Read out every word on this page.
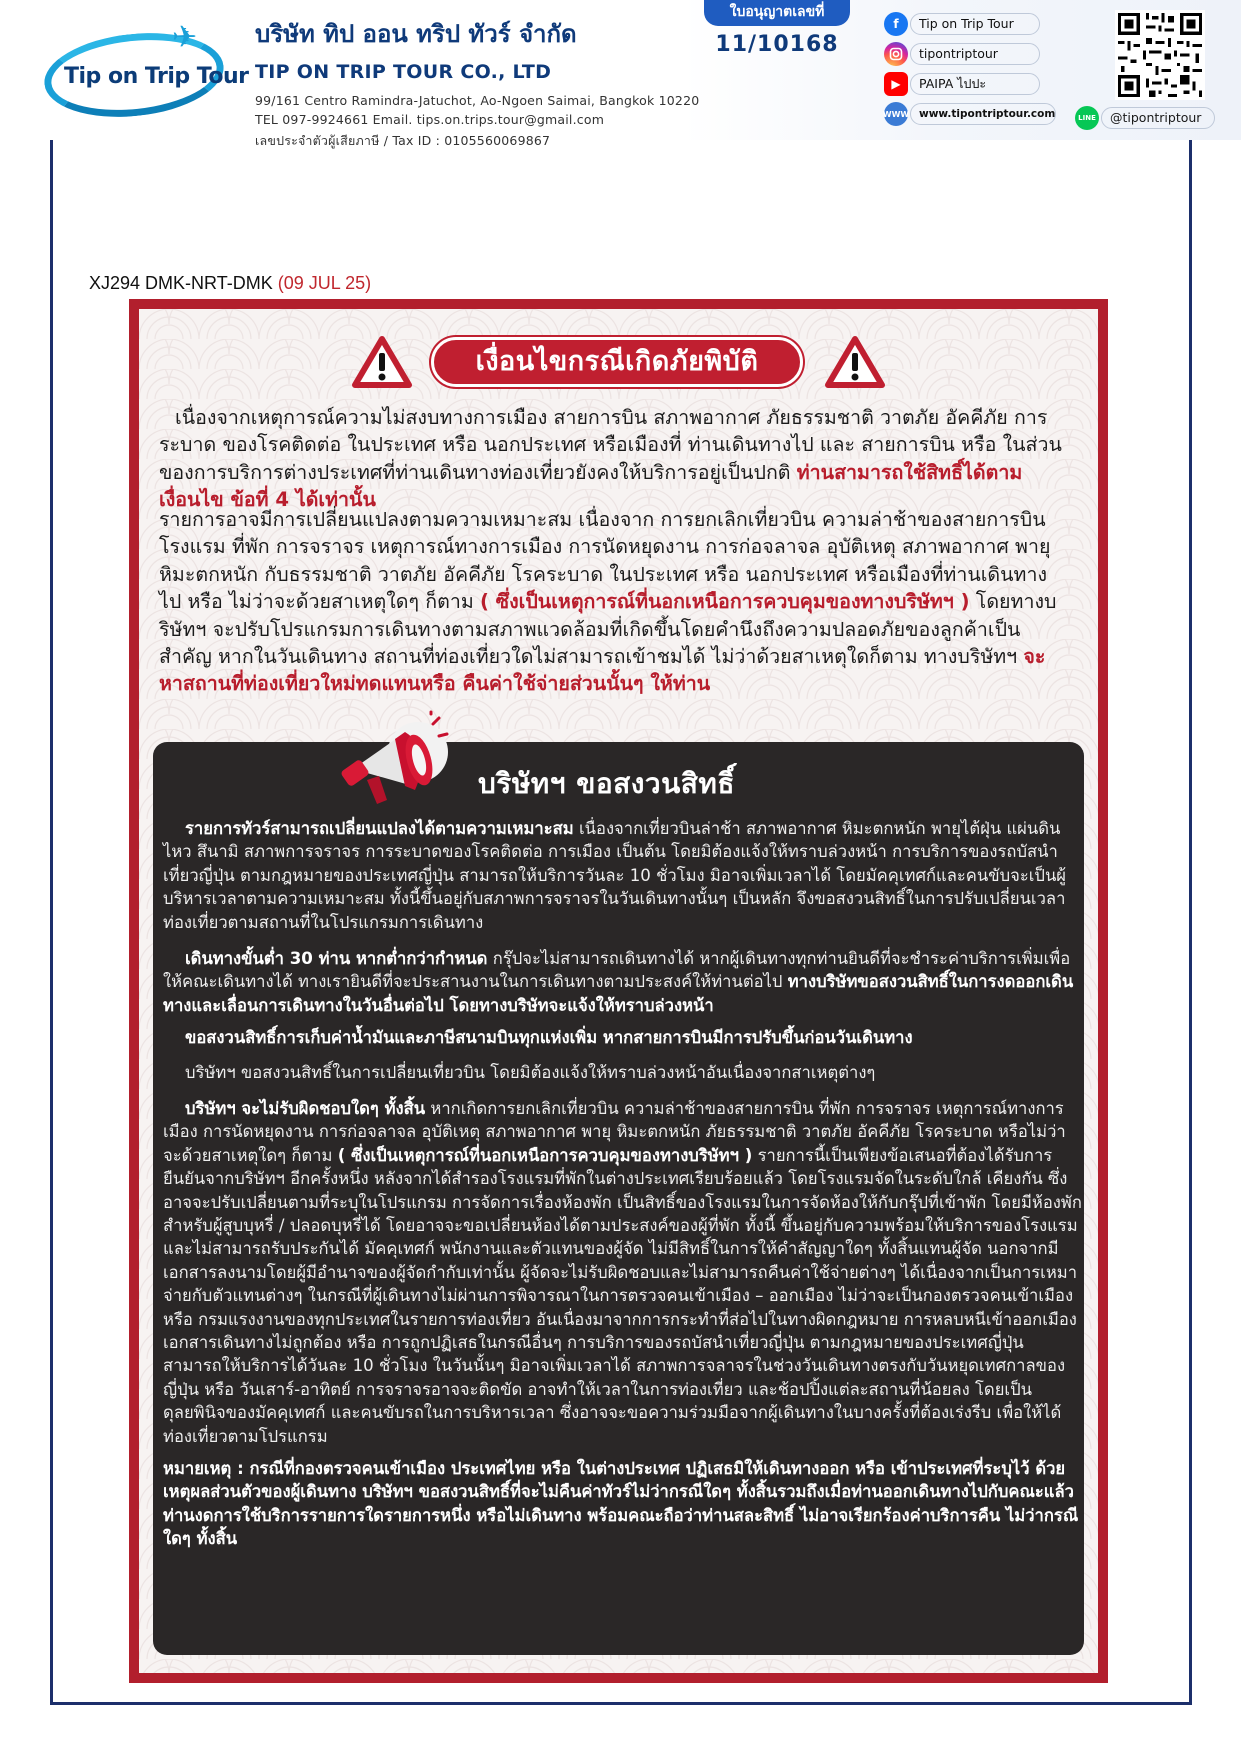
✈
Tip on Trip Tour
บริษัท ทิป ออน ทริป ทัวร์ จำกัด
TIP ON TRIP TOUR CO., LTD
99/161 Centro Ramindra-Jatuchot, Ao-Ngoen Saimai, Bangkok 10220
TEL 097-9924661 Email. tips.on.trips.tour@gmail.com
เลขประจำตัวผู้เสียภาษี / Tax ID : 0105560069867
ใบอนุญาตเลขที่
11/10168
f	Tip on Trip Tour
tipontriptour
▶	PAIPA ไปปะ
WWW www.tipontriptour.com	LINE	@tipontriptour
XJ294 DMK-NRT-DMK (09 JUL 25)
เงื่อนไขกรณีเกิดภัยพิบัติ
เนื่องจากเหตุการณ์ความไม่สงบทางการเมือง สายการบิน สภาพอากาศ ภัยธรรมชาติ วาตภัย อัคคีภัย การระบาด ของโรคติดต่อ ในประเทศ หรือ นอกประเทศ หรือเมืองที่ ท่านเดินทางไป และ สายการบิน หรือ ในส่วนของการบริการต่างประเทศที่ท่านเดินทางท่องเที่ยวยังคงให้บริการอยู่เป็นปกติ ท่านสามารถใช้สิทธิ์ได้ตามเงื่อนไข ข้อที่ 4 ได้เท่านั้น
รายการอาจมีการเปลี่ยนแปลงตามความเหมาะสม เนื่องจาก การยกเลิกเที่ยวบิน ความล่าช้าของสายการบิน โรงแรม ที่พัก การจราจร เหตุการณ์ทางการเมือง การนัดหยุดงาน การก่อจลาจล อุบัติเหตุ สภาพอากาศ พายุ หิมะตกหนัก กับธรรมชาติ วาตภัย อัคคีภัย โรคระบาด ในประเทศ หรือ นอกประเทศ หรือเมืองที่ท่านเดินทางไป หรือ ไม่ว่าจะด้วยสาเหตุใดๆ ก็ตาม ( ซึ่งเป็นเหตุการณ์ที่นอกเหนือการควบคุมของทางบริษัทฯ ) โดยทางบริษัทฯ จะปรับโปรแกรมการเดินทางตามสภาพแวดล้อมที่เกิดขึ้นโดยคำนึงถึงความปลอดภัยของลูกค้าเป็นสำคัญ หากในวันเดินทาง สถานที่ท่องเที่ยวใดไม่สามารถเข้าชมได้ ไม่ว่าด้วยสาเหตุใดก็ตาม ทางบริษัทฯ จะหาสถานที่ท่องเที่ยวใหม่ทดแทนหรือ คืนค่าใช้จ่ายส่วนนั้นๆ ให้ท่าน
บริษัทฯ ขอสงวนสิทธิ์
รายการทัวร์สามารถเปลี่ยนแปลงได้ตามความเหมาะสม เนื่องจากเที่ยวบินล่าช้า สภาพอากาศ หิมะตกหนัก พายุไต้ฝุ่น แผ่นดินไหว สึนามิ สภาพการจราจร การระบาดของโรคติดต่อ การเมือง เป็นต้น โดยมิต้องแจ้งให้ทราบล่วงหน้า การบริการของรถบัสนำเที่ยวญี่ปุ่น ตามกฎหมายของประเทศญี่ปุ่น สามารถให้บริการวันละ 10 ชั่วโมง มิอาจเพิ่มเวลาได้ โดยมัคคุเทศก์และคนขับจะเป็นผู้บริหารเวลาตามความเหมาะสม ทั้งนี้ขึ้นอยู่กับสภาพการจราจรในวันเดินทางนั้นๆ เป็นหลัก จึงขอสงวนสิทธิ์ในการปรับเปลี่ยนเวลาท่องเที่ยวตามสถานที่ในโปรแกรมการเดินทาง
เดินทางขั้นต่ำ 30 ท่าน หากต่ำกว่ากำหนด กรุ๊ปจะไม่สามารถเดินทางได้ หากผู้เดินทางทุกท่านยินดีที่จะชำระค่าบริการเพิ่มเพื่อให้คณะเดินทางได้ ทางเรายินดีที่จะประสานงานในการเดินทางตามประสงค์ให้ท่านต่อไป ทางบริษัทขอสงวนสิทธิ์ในการงดออกเดินทางและเลื่อนการเดินทางในวันอื่นต่อไป โดยทางบริษัทจะแจ้งให้ทราบล่วงหน้า
ขอสงวนสิทธิ์การเก็บค่าน้ำมันและภาษีสนามบินทุกแห่งเพิ่ม หากสายการบินมีการปรับขึ้นก่อนวันเดินทาง
บริษัทฯ ขอสงวนสิทธิ์ในการเปลี่ยนเที่ยวบิน โดยมิต้องแจ้งให้ทราบล่วงหน้าอันเนื่องจากสาเหตุต่างๆ
บริษัทฯ จะไม่รับผิดชอบใดๆ ทั้งสิ้น หากเกิดการยกเลิกเที่ยวบิน ความล่าช้าของสายการบิน ที่พัก การจราจร เหตุการณ์ทางการเมือง การนัดหยุดงาน การก่อจลาจล อุบัติเหตุ สภาพอากาศ พายุ หิมะตกหนัก ภัยธรรมชาติ วาตภัย อัคคีภัย โรคระบาด หรือไม่ว่าจะด้วยสาเหตุใดๆ ก็ตาม ( ซึ่งเป็นเหตุการณ์ที่นอกเหนือการควบคุมของทางบริษัทฯ ) รายการนี้เป็นเพียงข้อเสนอที่ต้องได้รับการยืนยันจากบริษัทฯ อีกครั้งหนึ่ง หลังจากได้สำรองโรงแรมที่พักในต่างประเทศเรียบร้อยแล้ว โดยโรงแรมจัดในระดับใกล้ เคียงกัน ซึ่งอาจจะปรับเปลี่ยนตามที่ระบุในโปรแกรม การจัดการเรื่องห้องพัก เป็นสิทธิ์ของโรงแรมในการจัดห้องให้กับกรุ๊ปที่เข้าพัก โดยมีห้องพักสำหรับผู้สูบบุหรี่ / ปลอดบุหรี่ได้ โดยอาจจะขอเปลี่ยนห้องได้ตามประสงค์ของผู้ที่พัก ทั้งนี้ ขึ้นอยู่กับความพร้อมให้บริการของโรงแรม และไม่สามารถรับประกันได้ มัคคุเทศก์ พนักงานและตัวแทนของผู้จัด ไม่มีสิทธิ์ในการให้คำสัญญาใดๆ ทั้งสิ้นแทนผู้จัด นอกจากมีเอกสารลงนามโดยผู้มีอำนาจของผู้จัดกำกับเท่านั้น ผู้จัดจะไม่รับผิดชอบและไม่สามารถคืนค่าใช้จ่ายต่างๆ ได้เนื่องจากเป็นการเหมาจ่ายกับตัวแทนต่างๆ ในกรณีที่ผู้เดินทางไม่ผ่านการพิจารณาในการตรวจคนเข้าเมือง – ออกเมือง ไม่ว่าจะเป็นกองตรวจคนเข้าเมืองหรือ กรมแรงงานของทุกประเทศในรายการท่องเที่ยว อันเนื่องมาจากการกระทำที่ส่อไปในทางผิดกฎหมาย การหลบหนีเข้าออกเมือง เอกสารเดินทางไม่ถูกต้อง หรือ การถูกปฏิเสธในกรณีอื่นๆ การบริการของรถบัสนำเที่ยวญี่ปุ่น ตามกฎหมายของประเทศญี่ปุ่น สามารถให้บริการได้วันละ 10 ชั่วโมง ในวันนั้นๆ มิอาจเพิ่มเวลาได้ สภาพการจลาจรในช่วงวันเดินทางตรงกับวันหยุดเทศกาลของญี่ปุ่น หรือ วันเสาร์-อาทิตย์ การจราจรอาจจะติดขัด อาจทำให้เวลาในการท่องเที่ยว และช้อปปิ้งแต่ละสถานที่น้อยลง โดยเป็นดุลยพินิจของมัคคุเทศก์ และคนขับรถในการบริหารเวลา ซึ่งอาจจะขอความร่วมมือจากผู้เดินทางในบางครั้งที่ต้องเร่งรีบ เพื่อให้ได้ท่องเที่ยวตามโปรแกรม
หมายเหตุ : กรณีที่กองตรวจคนเข้าเมือง ประเทศไทย หรือ ในต่างประเทศ ปฏิเสธมิให้เดินทางออก หรือ เข้าประเทศที่ระบุไว้ ด้วยเหตุผลส่วนตัวของผู้เดินทาง บริษัทฯ ขอสงวนสิทธิ์ที่จะไม่คืนค่าทัวร์ไม่ว่ากรณีใดๆ ทั้งสิ้นรวมถึงเมื่อท่านออกเดินทางไปกับคณะแล้ว ท่านงดการใช้บริการรายการใดรายการหนึ่ง หรือไม่เดินทาง พร้อมคณะถือว่าท่านสละสิทธิ์ ไม่อาจเรียกร้องค่าบริการคืน ไม่ว่ากรณีใดๆ ทั้งสิ้น
